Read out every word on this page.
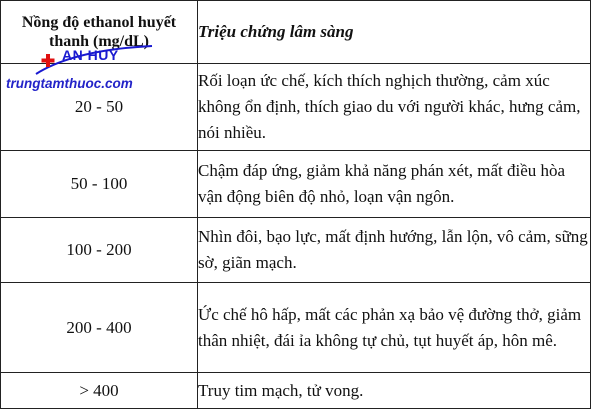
Nồng độ ethanol huyết thanh (mg/dL)	Triệu chứng lâm sàng
20 - 50	Rối loạn ức chế, kích thích nghịch thường, cảm xúc không ổn định, thích giao du với người khác, hưng cảm, nói nhiều.
50 - 100	Chậm đáp ứng, giảm khả năng phán xét, mất điều hòa vận động biên độ nhỏ, loạn vận ngôn.
100 - 200	Nhìn đôi, bạo lực, mất định hướng, lẫn lộn, vô cảm, sững sờ, giãn mạch.
200 - 400	Ức chế hô hấp, mất các phản xạ bảo vệ đường thở, giảm thân nhiệt, đái ỉa không tự chủ, tụt huyết áp, hôn mê.
> 400	Truy tim mạch, tử vong.
AN HUY
trungtamthuoc.com
